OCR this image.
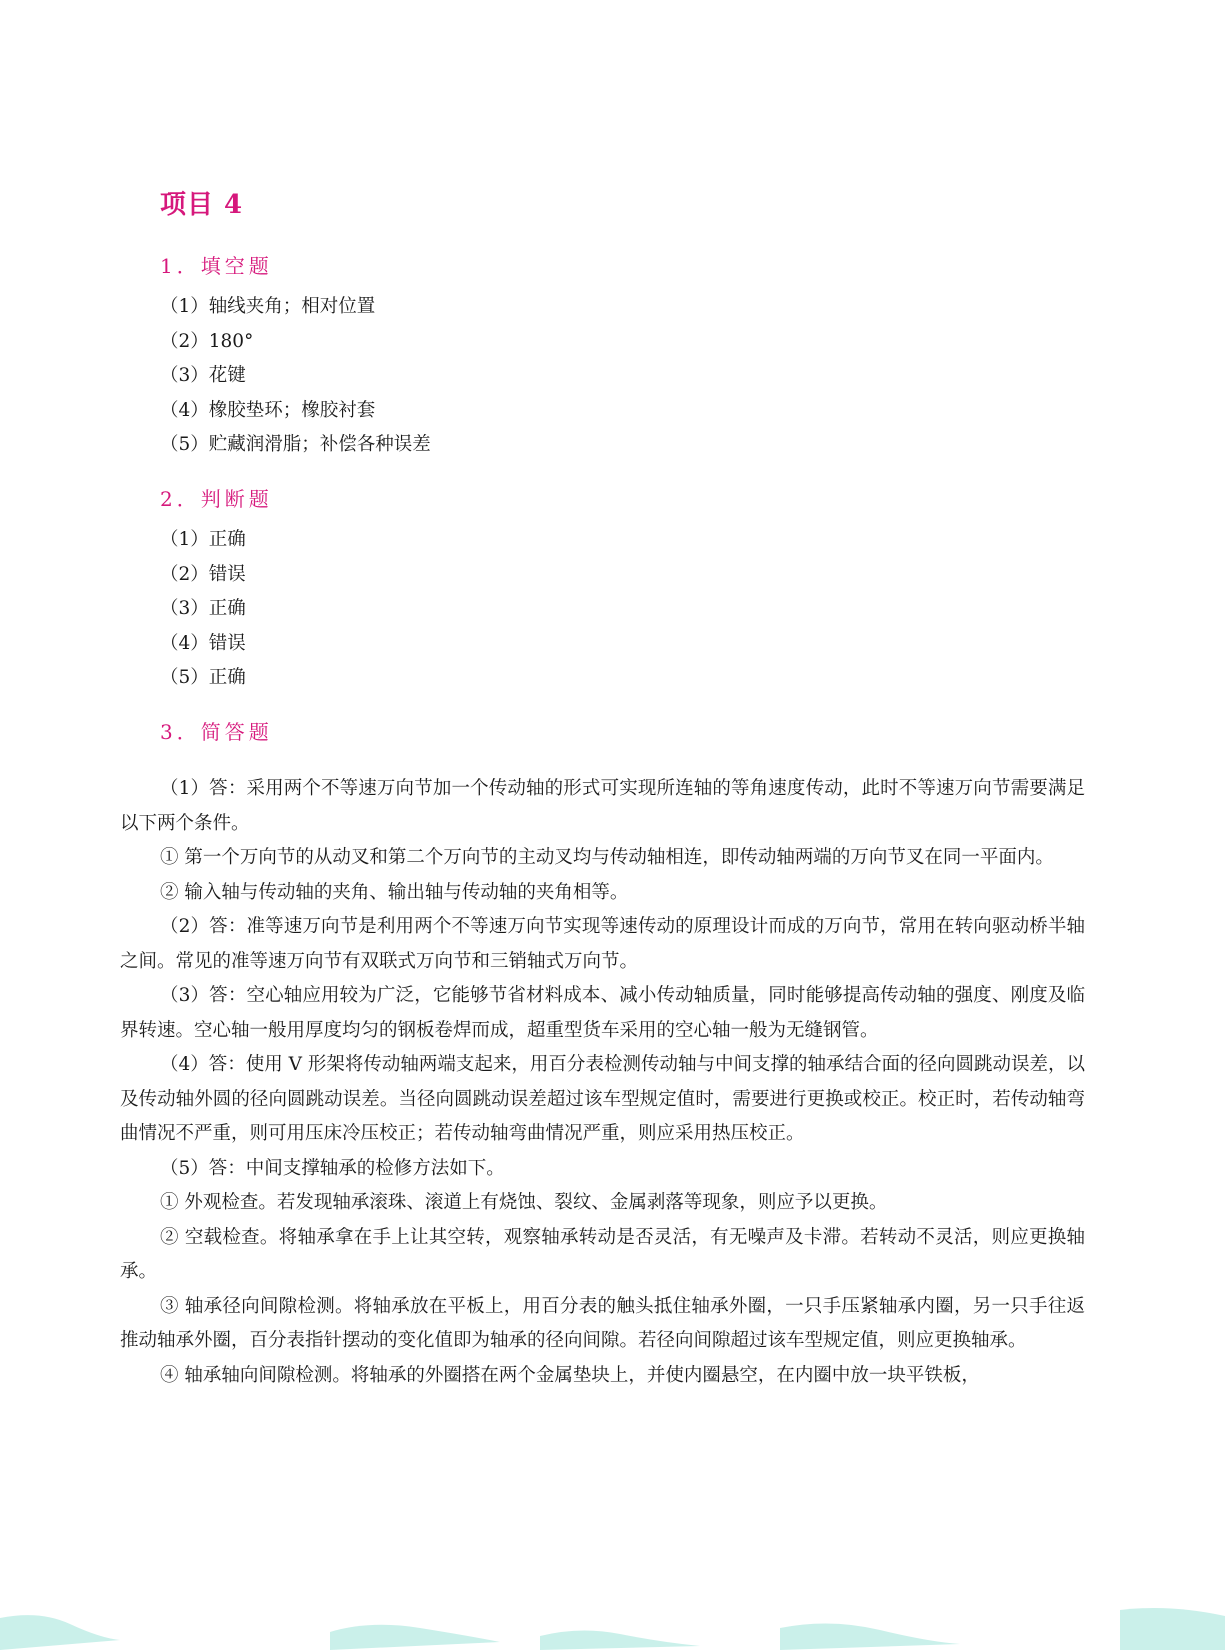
项目 4
1．填空题
（1）轴线夹角；相对位置
（2）180°
（3）花键
（4）橡胶垫环；橡胶衬套
（5）贮藏润滑脂；补偿各种误差
2．判断题
（1）正确
（2）错误
（3）正确
（4）错误
（5）正确
3．简答题

（1）答：采用两个不等速万向节加一个传动轴的形式可实现所连轴的等角速度传动，此时不等速万向节需要满足以下两个条件。

① 第一个万向节的从动叉和第二个万向节的主动叉均与传动轴相连，即传动轴两端的万向节叉在同一平面内。

② 输入轴与传动轴的夹角、输出轴与传动轴的夹角相等。

（2）答：准等速万向节是利用两个不等速万向节实现等速传动的原理设计而成的万向节，常用在转向驱动桥半轴之间。常见的准等速万向节有双联式万向节和三销轴式万向节。

（3）答：空心轴应用较为广泛，它能够节省材料成本、减小传动轴质量，同时能够提高传动轴的强度、刚度及临界转速。空心轴一般用厚度均匀的钢板卷焊而成，超重型货车采用的空心轴一般为无缝钢管。

（4）答：使用 V 形架将传动轴两端支起来，用百分表检测传动轴与中间支撑的轴承结合面的径向圆跳动误差，以及传动轴外圆的径向圆跳动误差。当径向圆跳动误差超过该车型规定值时，需要进行更换或校正。校正时，若传动轴弯曲情况不严重，则可用压床冷压校正；若传动轴弯曲情况严重，则应采用热压校正。

（5）答：中间支撑轴承的检修方法如下。

① 外观检查。若发现轴承滚珠、滚道上有烧蚀、裂纹、金属剥落等现象，则应予以更换。

② 空载检查。将轴承拿在手上让其空转，观察轴承转动是否灵活，有无噪声及卡滞。若转动不灵活，则应更换轴承。

③ 轴承径向间隙检测。将轴承放在平板上，用百分表的触头抵住轴承外圈，一只手压紧轴承内圈，另一只手往返推动轴承外圈，百分表指针摆动的变化值即为轴承的径向间隙。若径向间隙超过该车型规定值，则应更换轴承。

④ 轴承轴向间隙检测。将轴承的外圈搭在两个金属垫块上，并使内圈悬空，在内圈中放一块平铁板，
